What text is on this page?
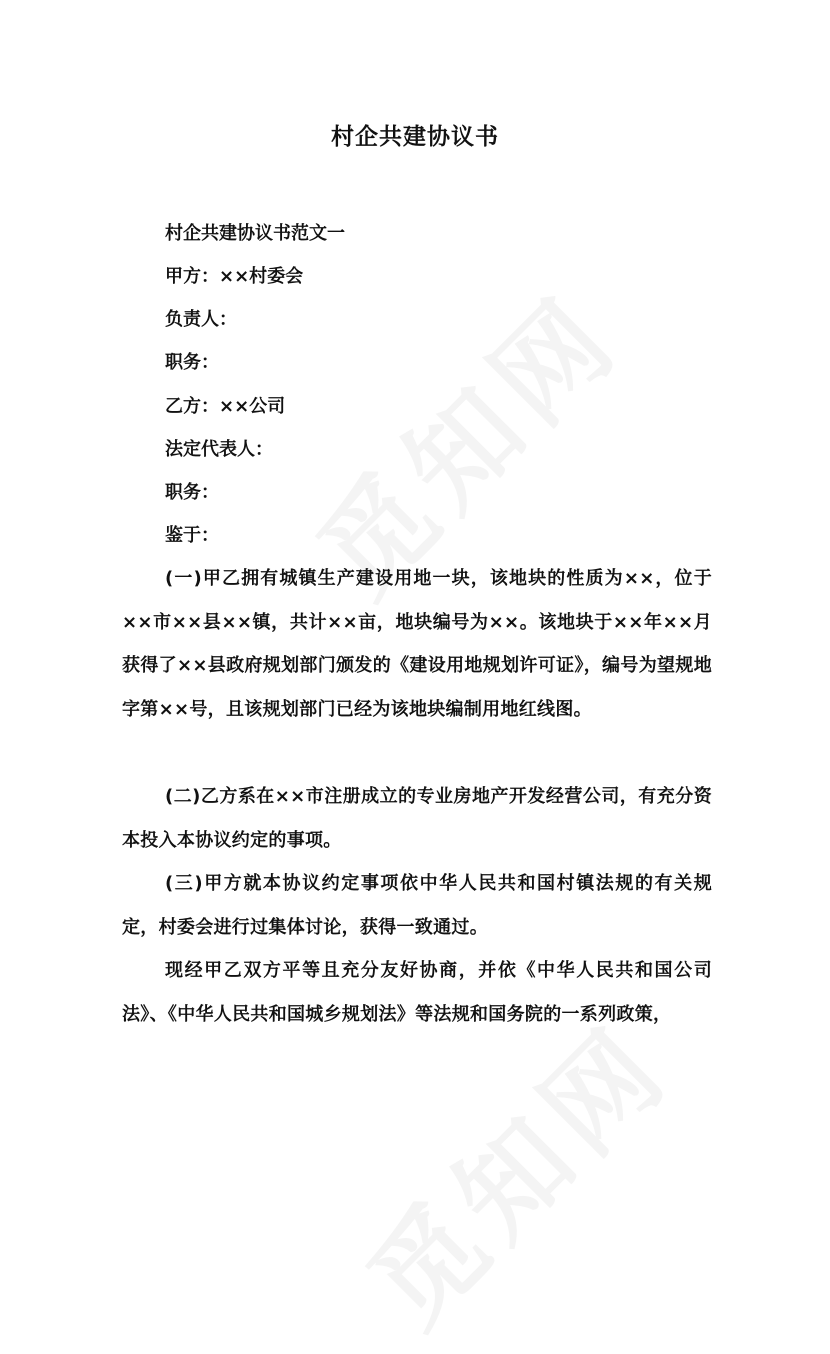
村企共建协议书
村企共建协议书范文一
甲方：××村委会
负责人：
职务：
乙方：××公司
法定代表人：
职务：
鉴于：
(一)甲乙拥有城镇生产建设用地一块，该地块的性质为××，位于××市××县××镇，共计××亩，地块编号为××。该地块于××年××月获得了××县政府规划部门颁发的《建设用地规划许可证》，编号为望规地字第××号，且该规划部门已经为该地块编制用地红线图。
(二)乙方系在××市注册成立的专业房地产开发经营公司，有充分资本投入本协议约定的事项。
(三)甲方就本协议约定事项依中华人民共和国村镇法规的有关规定，村委会进行过集体讨论，获得一致通过。
现经甲乙双方平等且充分友好协商，并依《中华人民共和国公司法》、《中华人民共和国城乡规划法》等法规和国务院的一系列政策，
